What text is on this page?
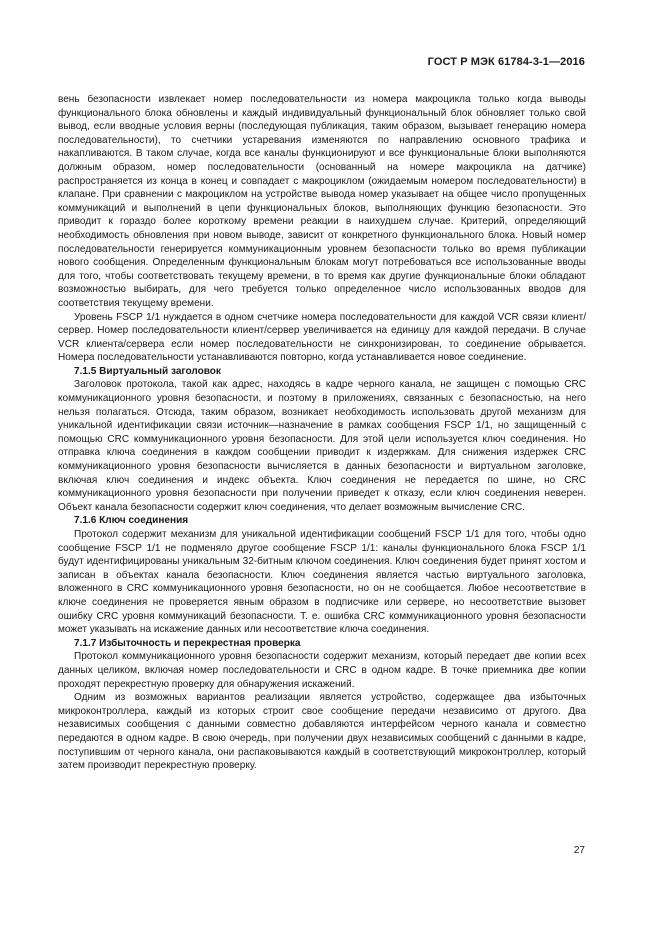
ГОСТ Р МЭК 61784-3-1—2016

вень безопасности извлекает номер последовательности из номера макроцикла только когда выводы функционального блока обновлены и каждый индивидуальный функциональный блок обновляет только свой вывод, если вводные условия верны (последующая публикация, таким образом, вызывает генерацию номера последовательности), то счетчики устаревания изменяются по направлению основного трафика и накапливаются. В таком случае, когда все каналы функционируют и все функциональные блоки выполняются должным образом, номер последовательности (основанный на номере макроцикла на датчике) распространяется из конца в конец и совпадает с макроциклом (ожидаемым номером последовательности) в клапане. При сравнении с макроциклом на устройстве вывода номер указывает на общее число пропущенных коммуникаций и выполнений в цепи функциональных блоков, выполняющих функцию безопасности. Это приводит к гораздо более короткому времени реакции в наихудшем случае. Критерий, определяющий необходимость обновления при новом выводе, зависит от конкретного функционального блока. Новый номер последовательности генерируется коммуникационным уровнем безопасности только во время публикации нового сообщения. Определенным функциональным блокам могут потребоваться все использованные вводы для того, чтобы соответствовать текущему времени, в то время как другие функциональные блоки обладают возможностью выбирать, для чего требуется только определенное число использованных вводов для соответствия текущему времени.

Уровень FSCP 1/1 нуждается в одном счетчике номера последовательности для каждой VCR связи клиент/сервер. Номер последовательности клиент/сервер увеличивается на единицу для каждой передачи. В случае VCR клиента/сервера если номер последовательности не синхронизирован, то соединение обрывается. Номера последовательности устанавливаются повторно, когда устанавливается новое соединение.

7.1.5 Виртуальный заголовок

Заголовок протокола, такой как адрес, находясь в кадре черного канала, не защищен с помощью CRC коммуникационного уровня безопасности, и поэтому в приложениях, связанных с безопасностью, на него нельзя полагаться. Отсюда, таким образом, возникает необходимость использовать другой механизм для уникальной идентификации связи источник—назначение в рамках сообщения FSCP 1/1, но защищенный с помощью CRC коммуникационного уровня безопасности. Для этой цели используется ключ соединения. Но отправка ключа соединения в каждом сообщении приводит к издержкам. Для снижения издержек CRC коммуникационного уровня безопасности вычисляется в данных безопасности и виртуальном заголовке, включая ключ соединения и индекс объекта. Ключ соединения не передается по шине, но CRC коммуникационного уровня безопасности при получении приведет к отказу, если ключ соединения неверен. Объект канала безопасности содержит ключ соединения, что делает возможным вычисление CRC.

7.1.6 Ключ соединения

Протокол содержит механизм для уникальной идентификации сообщений FSCP 1/1 для того, чтобы одно сообщение FSCP 1/1 не подменяло другое сообщение FSCP 1/1: каналы функционального блока FSCP 1/1 будут идентифицированы уникальным 32-битным ключом соединения. Ключ соединения будет принят хостом и записан в объектах канала безопасности. Ключ соединения является частью виртуального заголовка, вложенного в CRC коммуникационного уровня безопасности, но он не сообщается. Любое несоответствие в ключе соединения не проверяется явным образом в подписчике или сервере, но несоответствие вызовет ошибку CRC уровня коммуникаций безопасности. Т. е. ошибка CRC коммуникационного уровня безопасности может указывать на искажение данных или несоответствие ключа соединения.

7.1.7 Избыточность и перекрестная проверка

Протокол коммуникационного уровня безопасности содержит механизм, который передает две копии всех данных целиком, включая номер последовательности и CRC в одном кадре. В точке приемника две копии проходят перекрестную проверку для обнаружения искажений.

Одним из возможных вариантов реализации является устройство, содержащее два избыточных микроконтроллера, каждый из которых строит свое сообщение передачи независимо от другого. Два независимых сообщения с данными совместно добавляются интерфейсом черного канала и совместно передаются в одном кадре. В свою очередь, при получении двух независимых сообщений с данными в кадре, поступившим от черного канала, они распаковываются каждый в соответствующий микроконтроллер, который затем производит перекрестную проверку.

27
